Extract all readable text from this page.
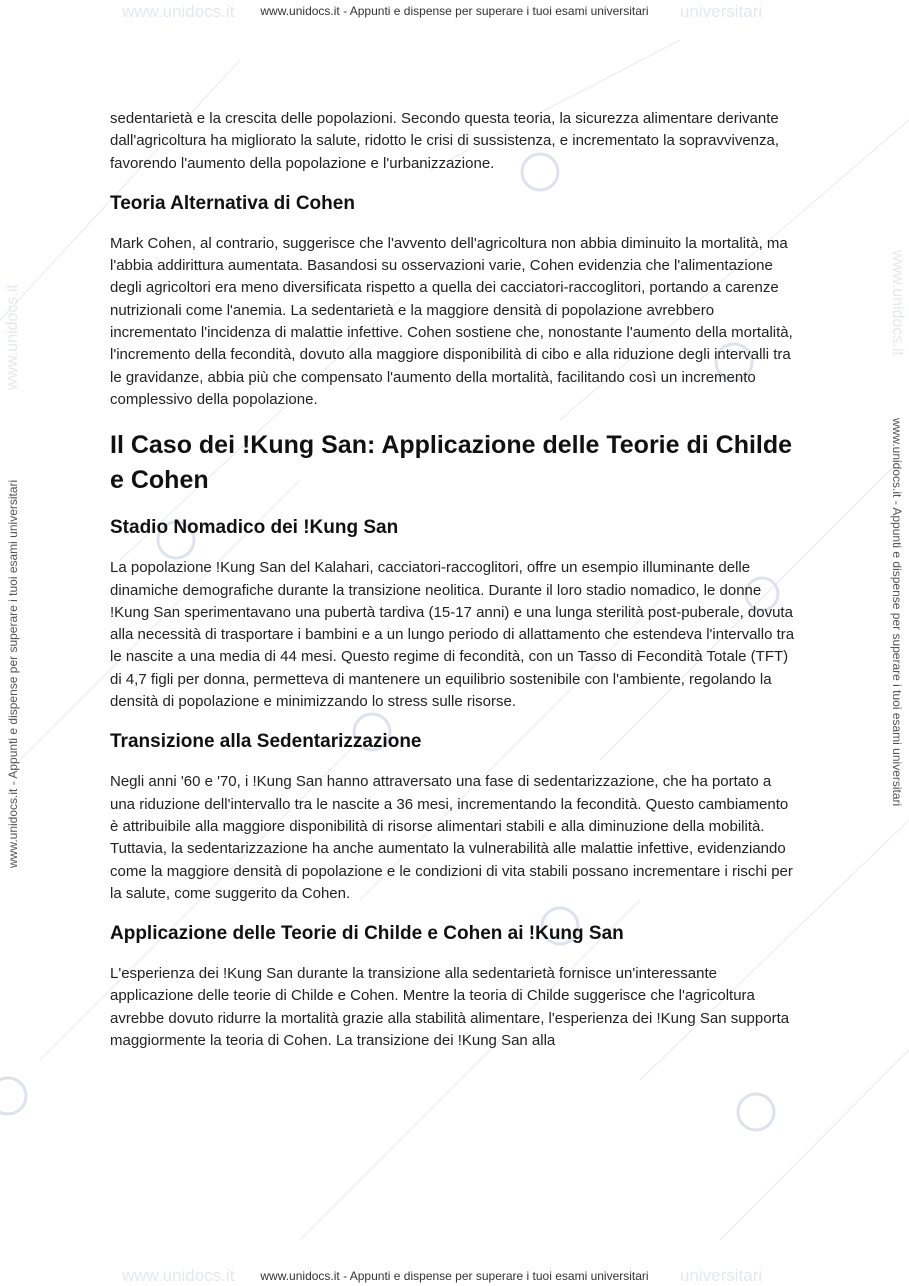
www.unidocs.it	universitari
www.unidocs.it - Appunti e dispense per superare i tuoi esami universitari
www.unidocs.it - Appunti e dispense per superare i tuoi esami universitari	www.unidocs.it - Appunti e dispense per superare i tuoi esami universitari
www.unidocs.it	www.unidocs.it

sedentarietà e la crescita delle popolazioni. Secondo questa teoria, la sicurezza alimentare derivante dall'agricoltura ha migliorato la salute, ridotto le crisi di sussistenza, e incrementato la sopravvivenza, favorendo l'aumento della popolazione e l'urbanizzazione.

Teoria Alternativa di Cohen

Mark Cohen, al contrario, suggerisce che l'avvento dell'agricoltura non abbia diminuito la mortalità, ma l'abbia addirittura aumentata. Basandosi su osservazioni varie, Cohen evidenzia che l'alimentazione degli agricoltori era meno diversificata rispetto a quella dei cacciatori-raccoglitori, portando a carenze nutrizionali come l'anemia. La sedentarietà e la maggiore densità di popolazione avrebbero incrementato l'incidenza di malattie infettive. Cohen sostiene che, nonostante l'aumento della mortalità, l'incremento della fecondità, dovuto alla maggiore disponibilità di cibo e alla riduzione degli intervalli tra le gravidanze, abbia più che compensato l'aumento della mortalità, facilitando così un incremento complessivo della popolazione.

Il Caso dei !Kung San: Applicazione delle Teorie di Childe e Cohen
Stadio Nomadico dei !Kung San

La popolazione !Kung San del Kalahari, cacciatori-raccoglitori, offre un esempio illuminante delle dinamiche demografiche durante la transizione neolitica. Durante il loro stadio nomadico, le donne !Kung San sperimentavano una pubertà tardiva (15-17 anni) e una lunga sterilità post-puberale, dovuta alla necessità di trasportare i bambini e a un lungo periodo di allattamento che estendeva l'intervallo tra le nascite a una media di 44 mesi. Questo regime di fecondità, con un Tasso di Fecondità Totale (TFT) di 4,7 figli per donna, permetteva di mantenere un equilibrio sostenibile con l'ambiente, regolando la densità di popolazione e minimizzando lo stress sulle risorse.

Transizione alla Sedentarizzazione

Negli anni '60 e '70, i !Kung San hanno attraversato una fase di sedentarizzazione, che ha portato a una riduzione dell'intervallo tra le nascite a 36 mesi, incrementando la fecondità. Questo cambiamento è attribuibile alla maggiore disponibilità di risorse alimentari stabili e alla diminuzione della mobilità. Tuttavia, la sedentarizzazione ha anche aumentato la vulnerabilità alle malattie infettive, evidenziando come la maggiore densità di popolazione e le condizioni di vita stabili possano incrementare i rischi per la salute, come suggerito da Cohen.

Applicazione delle Teorie di Childe e Cohen ai !Kung San

L'esperienza dei !Kung San durante la transizione alla sedentarietà fornisce un'interessante applicazione delle teorie di Childe e Cohen. Mentre la teoria di Childe suggerisce che l'agricoltura avrebbe dovuto ridurre la mortalità grazie alla stabilità alimentare, l'esperienza dei !Kung San supporta maggiormente la teoria di Cohen. La transizione dei !Kung San alla

www.unidocs.it	universitari
www.unidocs.it - Appunti e dispense per superare i tuoi esami universitari
